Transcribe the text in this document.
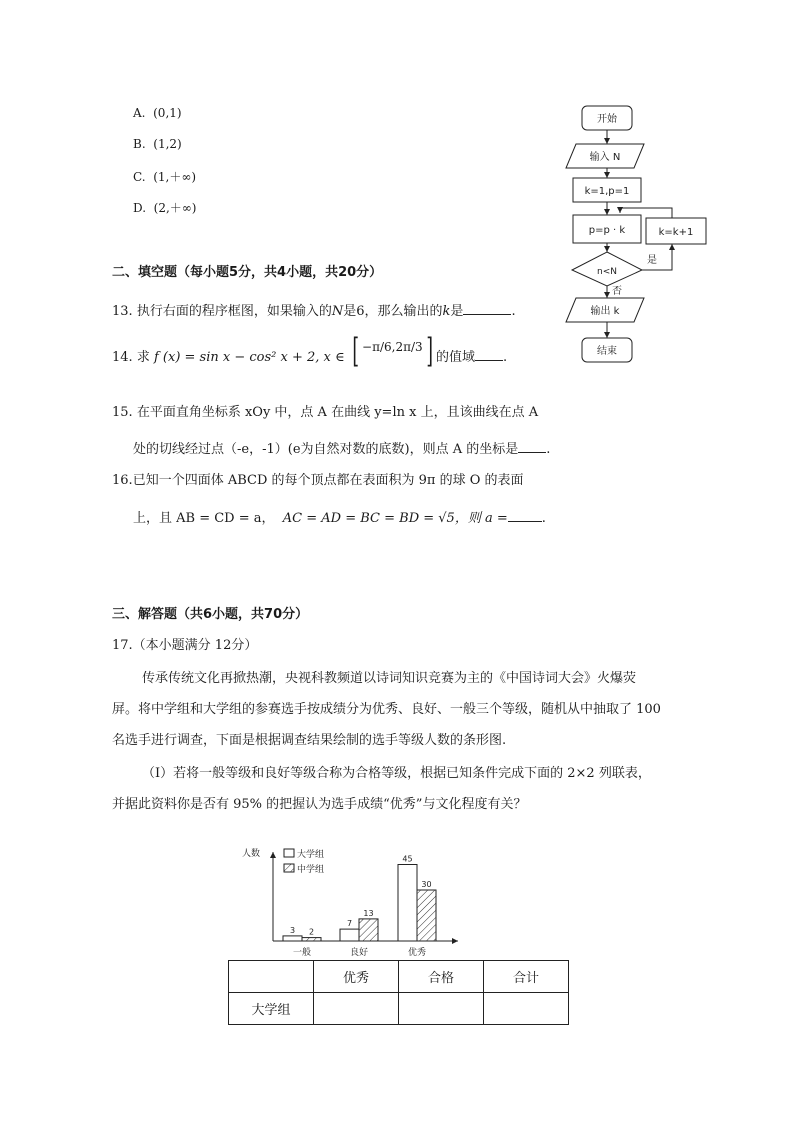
A. (0,1)
B. (1,2)
C. (1,＋∞)
D. (2,＋∞)
开始
输入 N
k=1,p=1
p=p · k	k=k+1
n<N
是
否
输出 k
结束
二、填空题（每小题5分，共4小题，共20分）
13. 执行右面的程序框图，如果输入的N是6，那么输出的k是	.
14. 求 f (x) = sin x − cos² x + 2, x ∈ [ −π/6,2π/3] 的值域 .
15. 在平面直角坐标系 xOy 中，点 A 在曲线 y=ln x 上，且该曲线在点 A
处的切线经过点（-e，-1）(e为自然对数的底数)，则点 A 的坐标是 .
16.已知一个四面体 ABCD 的每个顶点都在表面积为 9π 的球 O 的表面
上，且 AB = CD = a， AC = AD = BC = BD = √5，则 a =	.
三、解答题（共6小题，共70分）
17.（本小题满分 12分）
传承传统文化再掀热潮，央视科教频道以诗词知识竞赛为主的《中国诗词大会》火爆荧
屏。将中学组和大学组的参赛选手按成绩分为优秀、良好、一般三个等级，随机从中抽取了 100
名选手进行调查，下面是根据调查结果绘制的选手等级人数的条形图.
（Ⅰ）若将一般等级和良好等级合称为合格等级，根据已知条件完成下面的 2×2 列联表，
并据此资料你是否有 95% 的把握认为选手成绩“优秀”与文化程度有关？
人数	大学组
中学组
3 2
一般
7
13
良好
45
30
优秀
	优秀	合格	合计
大学组			
